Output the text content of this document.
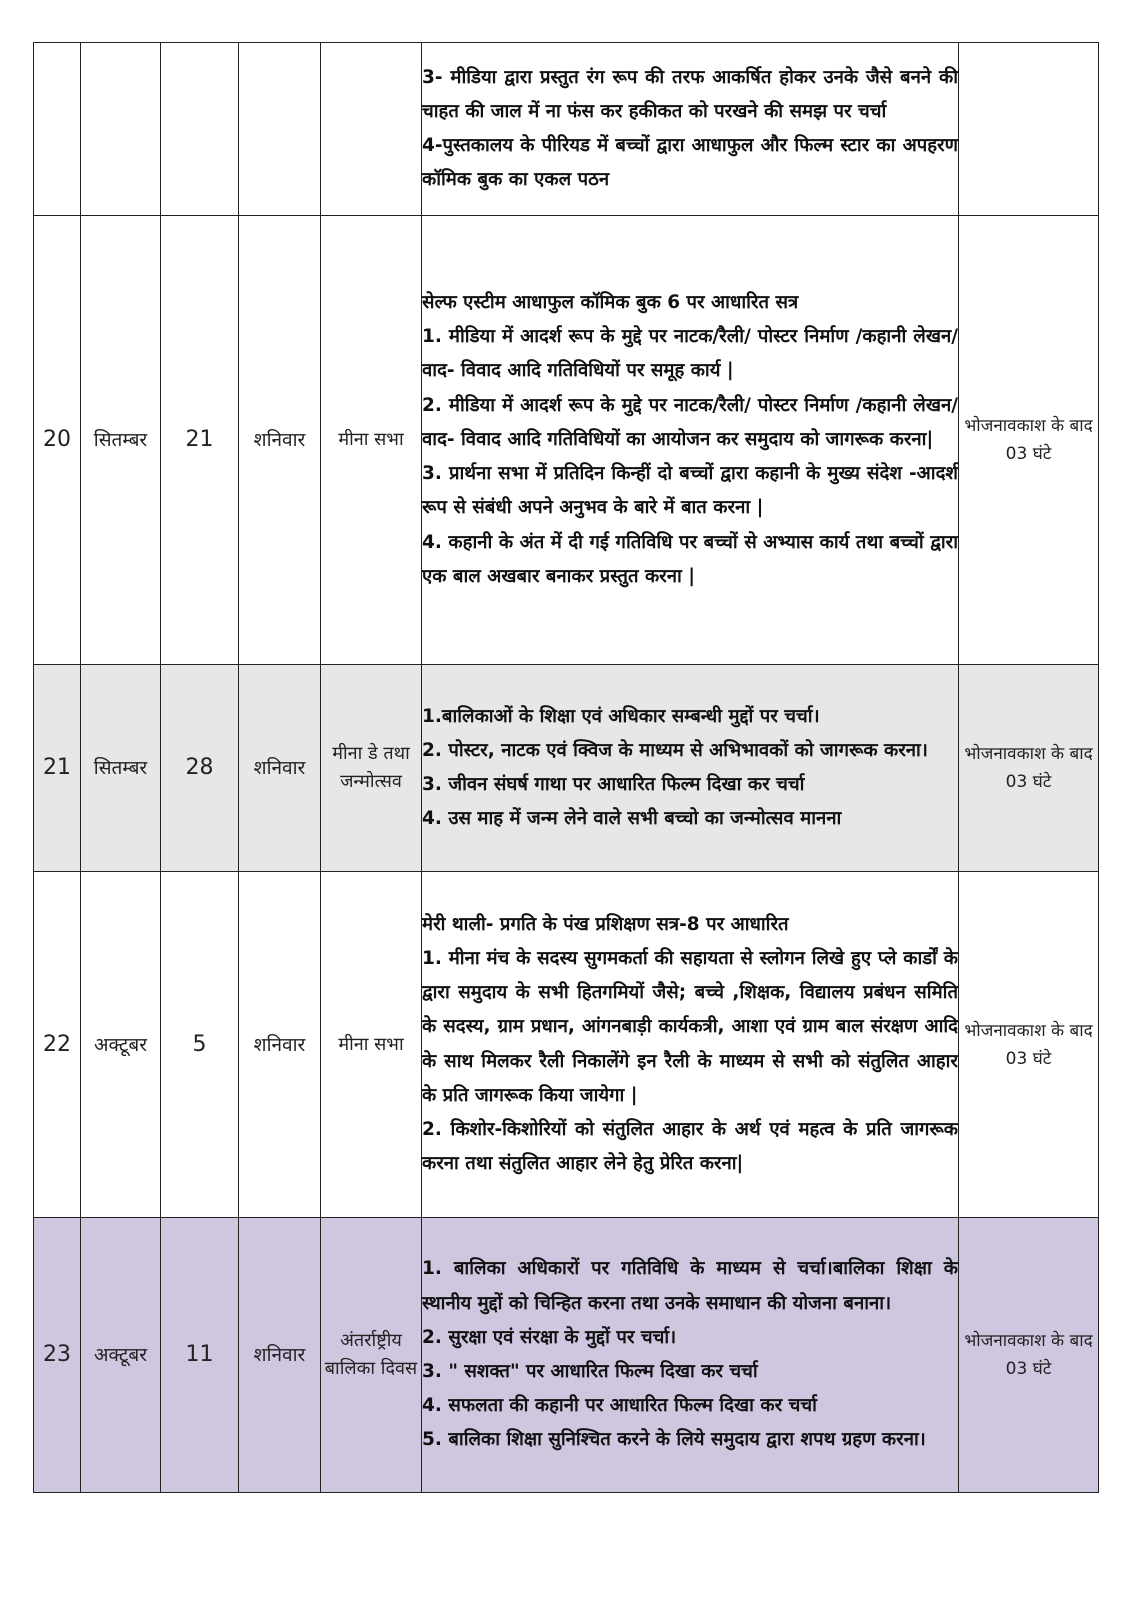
					3- मीडिया द्वारा प्रस्तुत रंग रूप की तरफ आकर्षित होकर उनके जैसे बनने की चाहत की जाल में ना फंस कर हकीकत को परखने की समझ पर चर्चा

4-पुस्तकालय के पीरियड में बच्चों द्वारा आधाफुल और फिल्म स्टार का अपहरण कॉमिक बुक का एकल पठन	

20	सितम्बर	21	शनिवार	मीना सभा	सेल्फ एस्टीम आधाफुल कॉमिक बुक 6 पर आधारित सत्र

1. मीडिया में आदर्श रूप के मुद्दे पर नाटक/रैली/ पोस्टर निर्माण /कहानी लेखन/ वाद- विवाद आदि गतिविधियों पर समूह कार्य |

2. मीडिया में आदर्श रूप के मुद्दे पर नाटक/रैली/ पोस्टर निर्माण /कहानी लेखन/ वाद- विवाद आदि गतिविधियों का आयोजन कर समुदाय को जागरूक करना|

3. प्रार्थना सभा में प्रतिदिन किन्हीं दो बच्चों द्वारा कहानी के मुख्य संदेश -आदर्श रूप से संबंधी अपने अनुभव के बारे में बात करना |

4. कहानी के अंत में दी गई गतिविधि पर बच्चों से अभ्यास कार्य तथा बच्चों द्वारा एक बाल अखबार बनाकर प्रस्तुत करना |	भोजनावकाश के बाद 03 घंटे
21	सितम्बर	28	शनिवार	मीना डे तथा जन्मोत्सव	1.बालिकाओं के शिक्षा एवं अधिकार सम्बन्धी मुद्दों पर चर्चा।

2. पोस्टर, नाटक एवं क्विज के माध्यम से अभिभावकों को जागरूक करना।

3. जीवन संघर्ष गाथा पर आधारित फिल्म दिखा कर चर्चा

4. उस माह में जन्म लेने वाले सभी बच्चो का जन्मोत्सव मानना	भोजनावकाश के बाद 03 घंटे
22	अक्टूबर	5	शनिवार	मीना सभा	मेरी थाली- प्रगति के पंख प्रशिक्षण सत्र-8 पर आधारित

1. मीना मंच के सदस्य सुगमकर्ता की सहायता से स्लोगन लिखे हुए प्ले कार्डों के द्वारा समुदाय के सभी हितगमियों जैसे; बच्चे ,शिक्षक, विद्यालय प्रबंधन समिति के सदस्य, ग्राम प्रधान, आंगनबाड़ी कार्यकत्री, आशा एवं ग्राम बाल संरक्षण आदि के साथ मिलकर रैली निकालेंगे इन रैली के माध्यम से सभी को संतुलित आहार के प्रति जागरूक किया जायेगा |

2. किशोर-किशोरियों को संतुलित आहार के अर्थ एवं महत्व के प्रति जागरूक करना तथा संतुलित आहार लेने हेतु प्रेरित करना|	भोजनावकाश के बाद 03 घंटे
23	अक्टूबर	11	शनिवार	अंतर्राष्ट्रीय बालिका दिवस	1. बालिका अधिकारों पर गतिविधि के माध्यम से चर्चा।बालिका शिक्षा के स्थानीय मुद्दों को चिन्हित करना तथा उनके समाधान की योजना बनाना।

2. सुरक्षा एवं संरक्षा के मुद्दों पर चर्चा।

3. " सशक्त" पर आधारित फिल्म दिखा कर चर्चा

4. सफलता की कहानी पर आधारित फिल्म दिखा कर चर्चा

5. बालिका शिक्षा सुनिश्चित करने के लिये समुदाय द्वारा शपथ ग्रहण करना।	भोजनावकाश के बाद 03 घंटे
